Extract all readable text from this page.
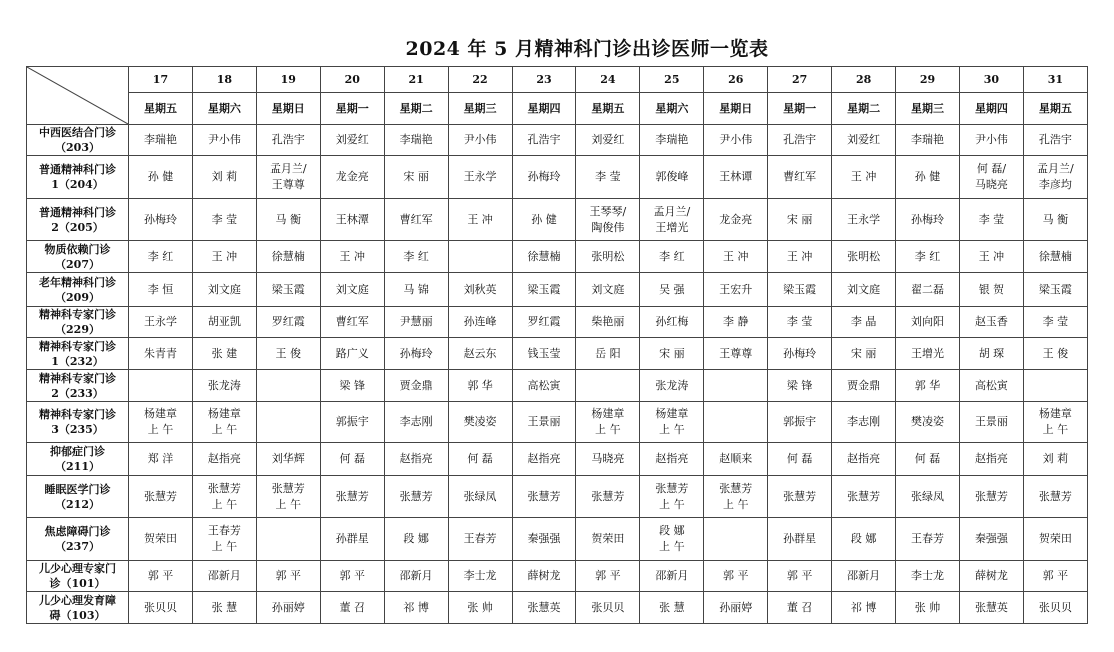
2024 年 5 月精神科门诊出诊医师一览表
	17	18	19	20	21	22	23	24	25	26	27	28	29	30	31
	星期五	星期六	星期日	星期一	星期二	星期三	星期四	星期五	星期六	星期日	星期一	星期二	星期三	星期四	星期五

中西医结合门诊
（203）	李瑞艳	尹小伟	孔浩宇	刘爱红	李瑞艳	尹小伟	孔浩宇	刘爱红	李瑞艳	尹小伟	孔浩宇	刘爱红	李瑞艳	尹小伟	孔浩宇

普通精神科门诊
1（204）	孙 健	刘 莉	孟月兰/
王尊尊	龙金亮	宋 丽	王永学	孙梅玲	李 莹	郭俊峰	王林谭	曹红军	王 冲	孙 健	何 磊/
马晓亮	孟月兰/
李彦均

普通精神科门诊
2（205）	孙梅玲	李 莹	马 衡	王林潭	曹红军	王 冲	孙 健	王琴琴/
陶俊伟	孟月兰/
王增光	龙金亮	宋 丽	王永学	孙梅玲	李 莹	马 衡

物质依赖门诊
（207）	李 红	王 冲	徐慧楠	王 冲	李 红		徐慧楠	张明松	李 红	王 冲	王 冲	张明松	李 红	王 冲	徐慧楠

老年精神科门诊
（209）	李 恒	刘文庭	梁玉霞	刘文庭	马 锦	刘秋英	梁玉霞	刘文庭	吴 强	王宏升	梁玉霞	刘文庭	翟二磊	银 贺	梁玉霞

精神科专家门诊
（229）	王永学	胡亚凯	罗红霞	曹红军	尹慧丽	孙连峰	罗红霞	柴艳丽	孙红梅	李 静	李 莹	李 晶	刘向阳	赵玉香	李 莹

精神科专家门诊
1（232）	朱青青	张 建	王 俊	路广义	孙梅玲	赵云东	钱玉莹	岳 阳	宋 丽	王尊尊	孙梅玲	宋 丽	王增光	胡 琛	王 俊

精神科专家门诊
2（233）		张龙涛		梁 锋	贾金鼎	郭 华	高松寅		张龙涛		梁 锋	贾金鼎	郭 华	高松寅	

精神科专家门诊
3（235）	杨建章
上 午	杨建章
上 午		郭振宇	李志刚	樊凌姿	王景丽	杨建章
上 午	杨建章
上 午		郭振宇	李志刚	樊凌姿	王景丽	杨建章
上 午

抑郁症门诊
（211）	郑 洋	赵指亮	刘华辉	何 磊	赵指亮	何 磊	赵指亮	马晓亮	赵指亮	赵顺来	何 磊	赵指亮	何 磊	赵指亮	刘 莉

睡眠医学门诊
（212）	张慧芳	张慧芳
上 午	张慧芳
上 午	张慧芳	张慧芳	张绿凤	张慧芳	张慧芳	张慧芳
上 午	张慧芳
上 午	张慧芳	张慧芳	张绿凤	张慧芳	张慧芳

焦虑障碍门诊
（237）	贺荣田	王春芳
上 午		孙群星	段 娜	王春芳	秦强强	贺荣田	段 娜
上 午		孙群星	段 娜	王春芳	秦强强	贺荣田

儿少心理专家门
诊（101）	郭 平	邵新月	郭 平	郭 平	邵新月	李士龙	薛树龙	郭 平	邵新月	郭 平	郭 平	邵新月	李士龙	薛树龙	郭 平

儿少心理发育障
碍（103）	张贝贝	张 慧	孙丽婷	董 召	祁 博	张 帅	张慧英	张贝贝	张 慧	孙丽婷	董 召	祁 博	张 帅	张慧英	张贝贝
